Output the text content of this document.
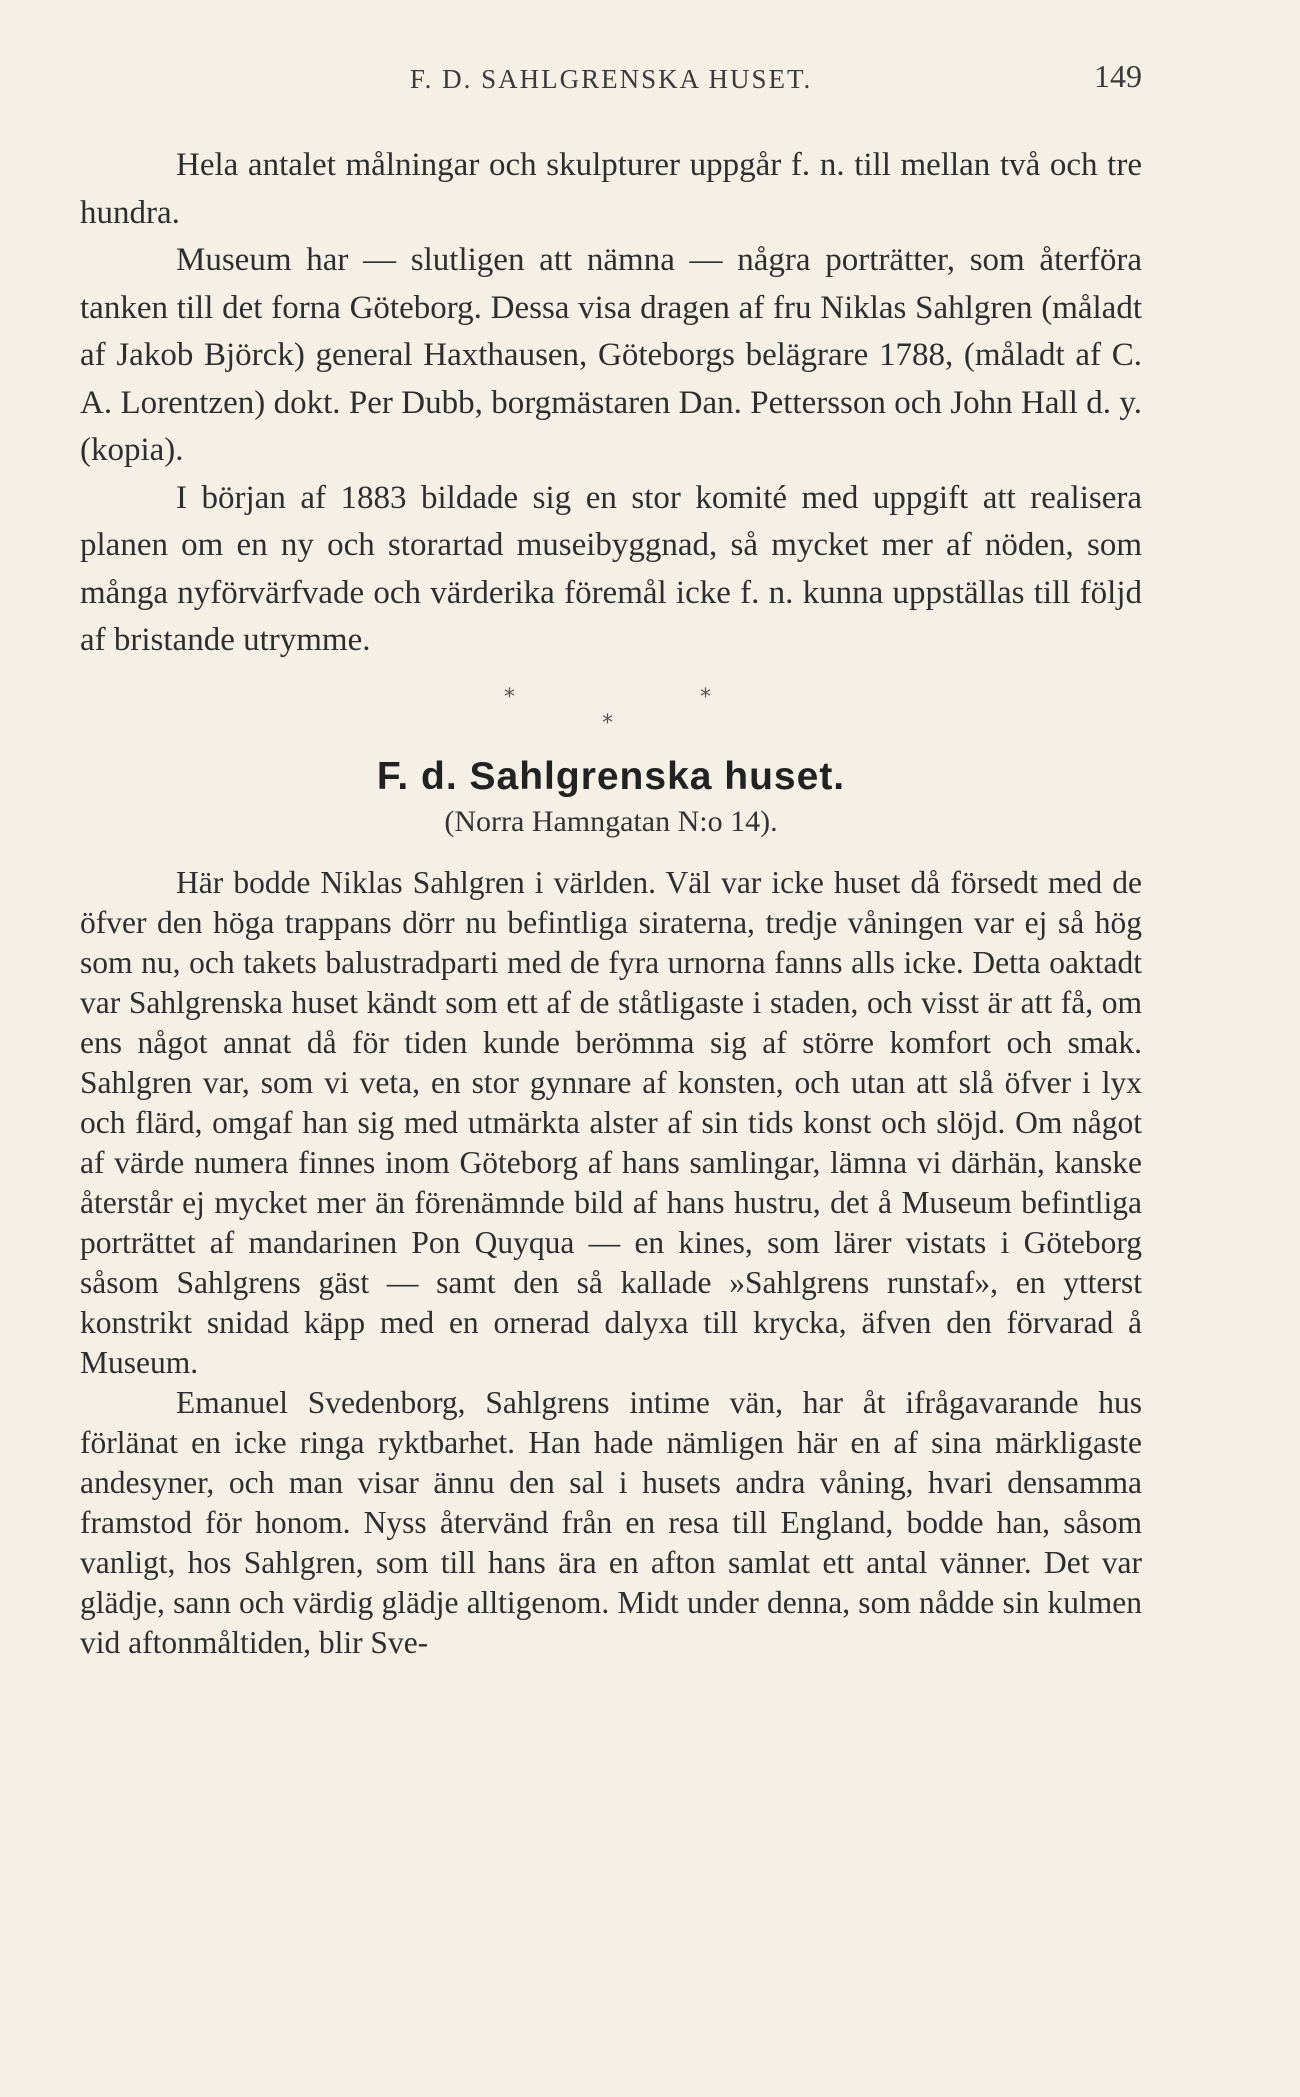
F. D. SAHLGRENSKA HUSET.	149

Hela antalet målningar och skulpturer uppgår f. n. till mellan två och tre hundra.

Museum har — slutligen att nämna — några porträtter, som återföra tanken till det forna Göteborg. Dessa visa dragen af fru Niklas Sahlgren (måladt af Jakob Björck) general Haxthausen, Göteborgs belägrare 1788, (måladt af C. A. Lorentzen) dokt. Per Dubb, borgmästaren Dan. Pettersson och John Hall d. y. (kopia).

I början af 1883 bildade sig en stor komité med uppgift att realisera planen om en ny och storartad museibyggnad, så mycket mer af nöden, som många nyförvärfvade och värderika föremål icke f. n. kunna uppställas till följd af bristande utrymme.

*	*
*
F. d. Sahlgrenska huset.
(Norra Hamngatan N:o 14).

Här bodde Niklas Sahlgren i världen. Väl var icke huset då försedt med de öfver den höga trappans dörr nu befintliga siraterna, tredje våningen var ej så hög som nu, och takets balustradparti med de fyra urnorna fanns alls icke. Detta oaktadt var Sahlgrenska huset kändt som ett af de ståtligaste i staden, och visst är att få, om ens något annat då för tiden kunde berömma sig af större komfort och smak. Sahlgren var, som vi veta, en stor gynnare af konsten, och utan att slå öfver i lyx och flärd, omgaf han sig med utmärkta alster af sin tids konst och slöjd. Om något af värde numera finnes inom Göteborg af hans samlingar, lämna vi därhän, kanske återstår ej mycket mer än förenämnde bild af hans hustru, det å Museum befintliga porträttet af mandarinen Pon Quyqua — en kines, som lärer vistats i Göteborg såsom Sahlgrens gäst — samt den så kallade »Sahlgrens runstaf», en ytterst konstrikt snidad käpp med en ornerad dalyxa till krycka, äfven den förvarad å Museum.

Emanuel Svedenborg, Sahlgrens intime vän, har åt ifrågavarande hus förlänat en icke ringa ryktbarhet. Han hade nämligen här en af sina märkligaste andesyner, och man visar ännu den sal i husets andra våning, hvari densamma framstod för honom. Nyss återvänd från en resa till England, bodde han, såsom vanligt, hos Sahlgren, som till hans ära en afton samlat ett antal vänner. Det var glädje, sann och värdig glädje alltigenom. Midt under denna, som nådde sin kulmen vid aftonmåltiden, blir Sve-
